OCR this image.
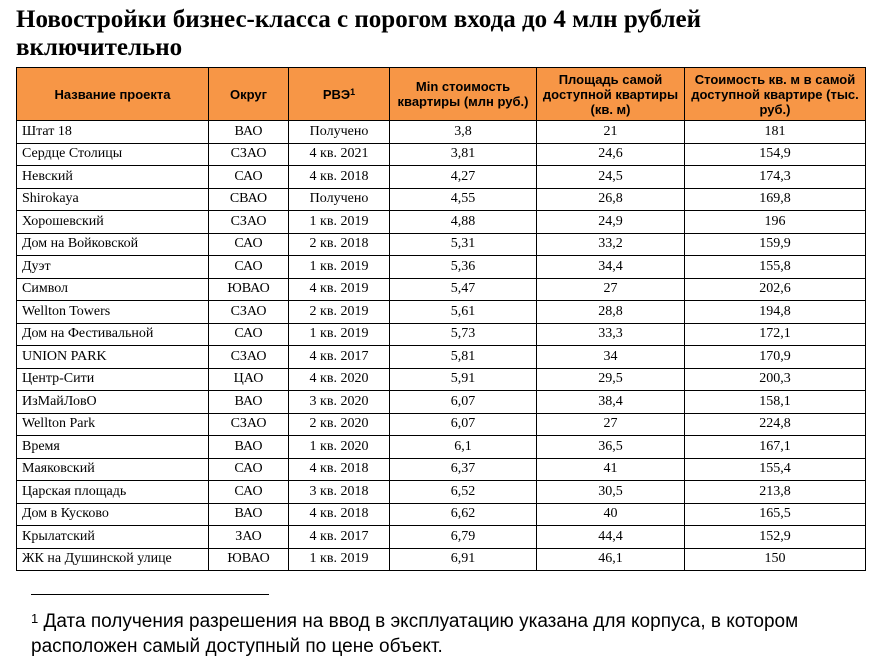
Новостройки бизнес-класса с порогом входа до 4 млн рублей включительно
Название проекта	Округ	РВЭ$^1$	Min стоимость квартиры (млн руб.)	Площадь самой доступной квартиры (кв. м)	Стоимость кв. м в самой доступной квартире (тыс. руб.)
Штат 18	ВАО	Получено	3,8	21	181
Сердце Столицы	СЗАО	4 кв. 2021	3,81	24,6	154,9
Невский	САО	4 кв. 2018	4,27	24,5	174,3
Shirokaya	СВАО	Получено	4,55	26,8	169,8
Хорошевский	СЗАО	1 кв. 2019	4,88	24,9	196
Дом на Войковской	САО	2 кв. 2018	5,31	33,2	159,9
Дуэт	САО	1 кв. 2019	5,36	34,4	155,8
Символ	ЮВАО	4 кв. 2019	5,47	27	202,6
Wellton Towers	СЗАО	2 кв. 2019	5,61	28,8	194,8
Дом на Фестивальной	САО	1 кв. 2019	5,73	33,3	172,1
UNION PARK	СЗАО	4 кв. 2017	5,81	34	170,9
Центр-Сити	ЦАО	4 кв. 2020	5,91	29,5	200,3
ИзМайЛовО	ВАО	3 кв. 2020	6,07	38,4	158,1
Wellton Park	СЗАО	2 кв. 2020	6,07	27	224,8
Время	ВАО	1 кв. 2020	6,1	36,5	167,1
Маяковский	САО	4 кв. 2018	6,37	41	155,4
Царская площадь	САО	3 кв. 2018	6,52	30,5	213,8
Дом в Кусково	ВАО	4 кв. 2018	6,62	40	165,5
Крылатский	ЗАО	4 кв. 2017	6,79	44,4	152,9
ЖК на Душинской улице	ЮВАО	1 кв. 2019	6,91	46,1	150
$^1$ Дата получения разрешения на ввод в эксплуатацию указана для корпуса, в котором расположен самый доступный по цене объект.
